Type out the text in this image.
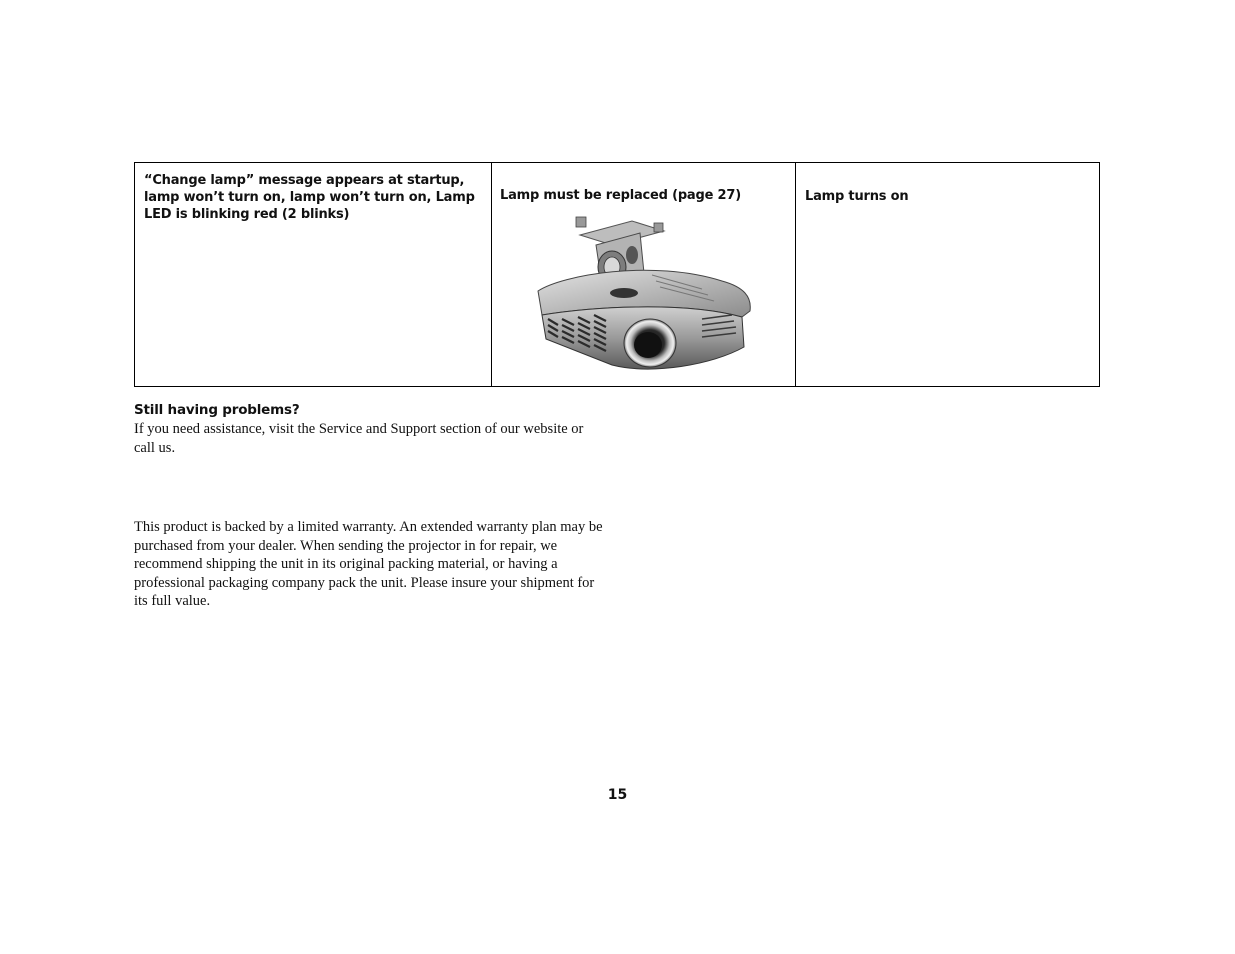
“Change lamp” message appears at startup, lamp won’t turn on, lamp won’t turn on, Lamp LED is blinking red (2 blinks)
Lamp must be replaced (page 27)	Lamp turns on
Still having problems?

If you need assistance, visit the Service and Support section of our website or call us.

This product is backed by a limited warranty. An extended warranty plan may be purchased from your dealer. When sending the projector in for repair, we recommend shipping the unit in its original packing material, or having a professional packaging company pack the unit. Please insure your shipment for its full value.

15
